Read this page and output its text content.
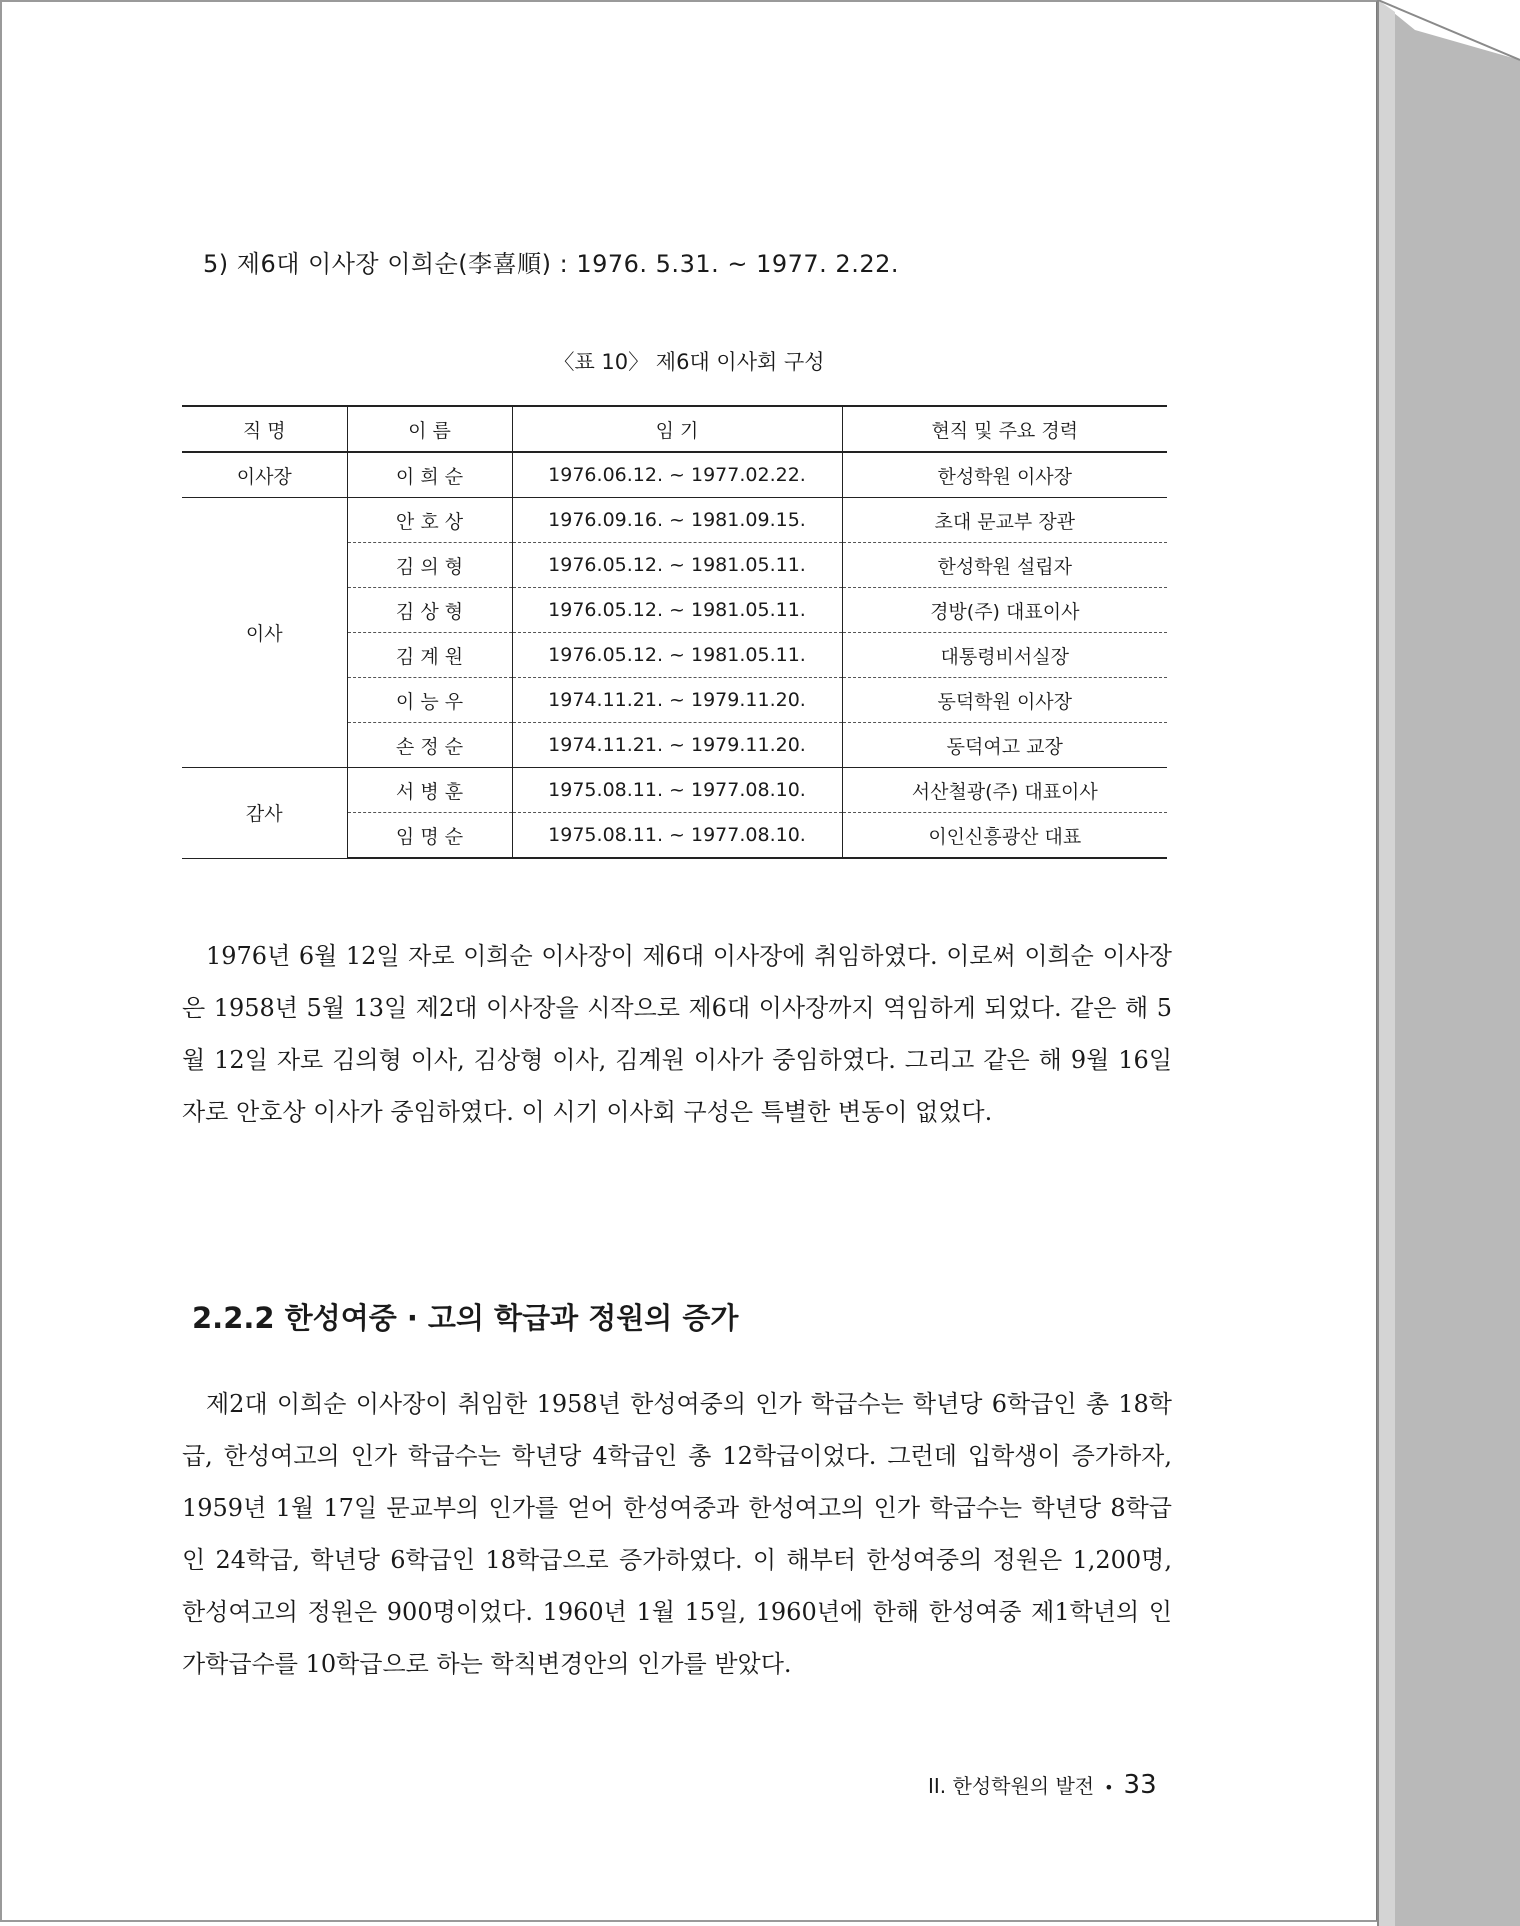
5) 제6대 이사장 이희순(李喜順) : 1976. 5.31. ~ 1977. 2.22.
〈표 10〉 제6대 이사회 구성
직 명	이 름	임 기	현직 및 주요 경력
이사장	이 희 순	1976.06.12. ~ 1977.02.22.	한성학원 이사장
이사	안 호 상	1976.09.16. ~ 1981.09.15.	초대 문교부 장관
	김 의 형	1976.05.12. ~ 1981.05.11.	한성학원 설립자
	김 상 형	1976.05.12. ~ 1981.05.11.	경방(주) 대표이사
	김 계 원	1976.05.12. ~ 1981.05.11.	대통령비서실장
	이 능 우	1974.11.21. ~ 1979.11.20.	동덕학원 이사장
	손 정 순	1974.11.21. ~ 1979.11.20.	동덕여고 교장
감사	서 병 훈	1975.08.11. ~ 1977.08.10.	서산철광(주) 대표이사
	임 명 순	1975.08.11. ~ 1977.08.10.	이인신흥광산 대표
1976년 6월 12일 자로 이희순 이사장이 제6대 이사장에 취임하였다. 이로써 이희순 이사장은 1958년 5월 13일 제2대 이사장을 시작으로 제6대 이사장까지 역임하게 되었다. 같은 해 5월 12일 자로 김의형 이사, 김상형 이사, 김계원 이사가 중임하였다. 그리고 같은 해 9월 16일 자로 안호상 이사가 중임하였다. 이 시기 이사회 구성은 특별한 변동이 없었다.
2.2.2 한성여중 · 고의 학급과 정원의 증가
제2대 이희순 이사장이 취임한 1958년 한성여중의 인가 학급수는 학년당 6학급인 총 18학급, 한성여고의 인가 학급수는 학년당 4학급인 총 12학급이었다. 그런데 입학생이 증가하자, 1959년 1월 17일 문교부의 인가를 얻어 한성여중과 한성여고의 인가 학급수는 학년당 8학급인 24학급, 학년당 6학급인 18학급으로 증가하였다. 이 해부터 한성여중의 정원은 1,200명, 한성여고의 정원은 900명이었다. 1960년 1월 15일, 1960년에 한해 한성여중 제1학년의 인가학급수를 10학급으로 하는 학칙변경안의 인가를 받았다.
II. 한성학원의 발전 • 33
